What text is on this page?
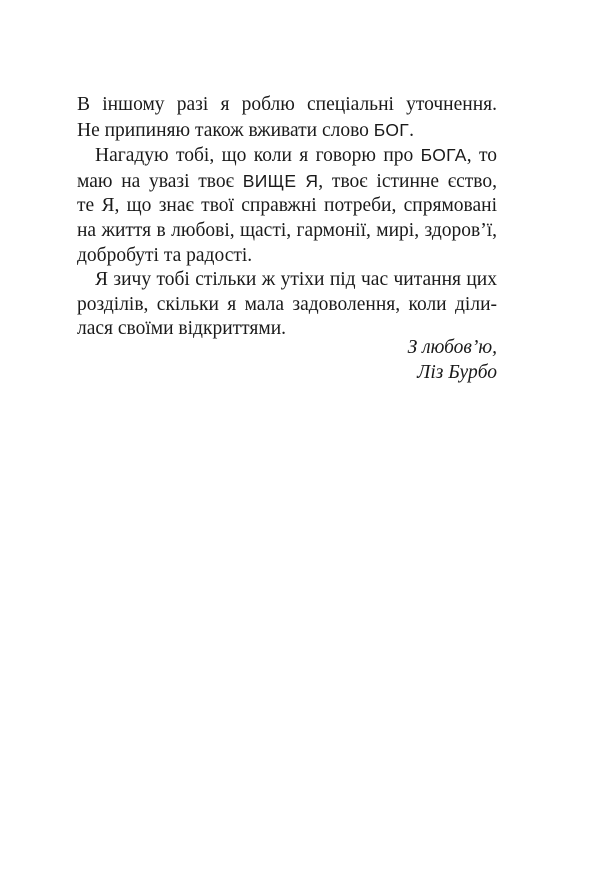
В іншому разі я роблю спеціальні уточнення.
Не припиняю також вживати слово БОГ.
Нагадую тобі, що коли я говорю про БОГА, то
маю на увазі твоє ВИЩЕ Я, твоє істинне єство,
те Я, що знає твої справжні потреби, спрямовані
на життя в любові, щасті, гармонії, мирі, здоров’ї,
добробуті та радості.
Я зичу тобі стільки ж утіхи під час читання цих
розділів, скільки я мала задоволення, коли діли-
лася своїми відкриттями.
З любов’ю,
Ліз Бурбо
